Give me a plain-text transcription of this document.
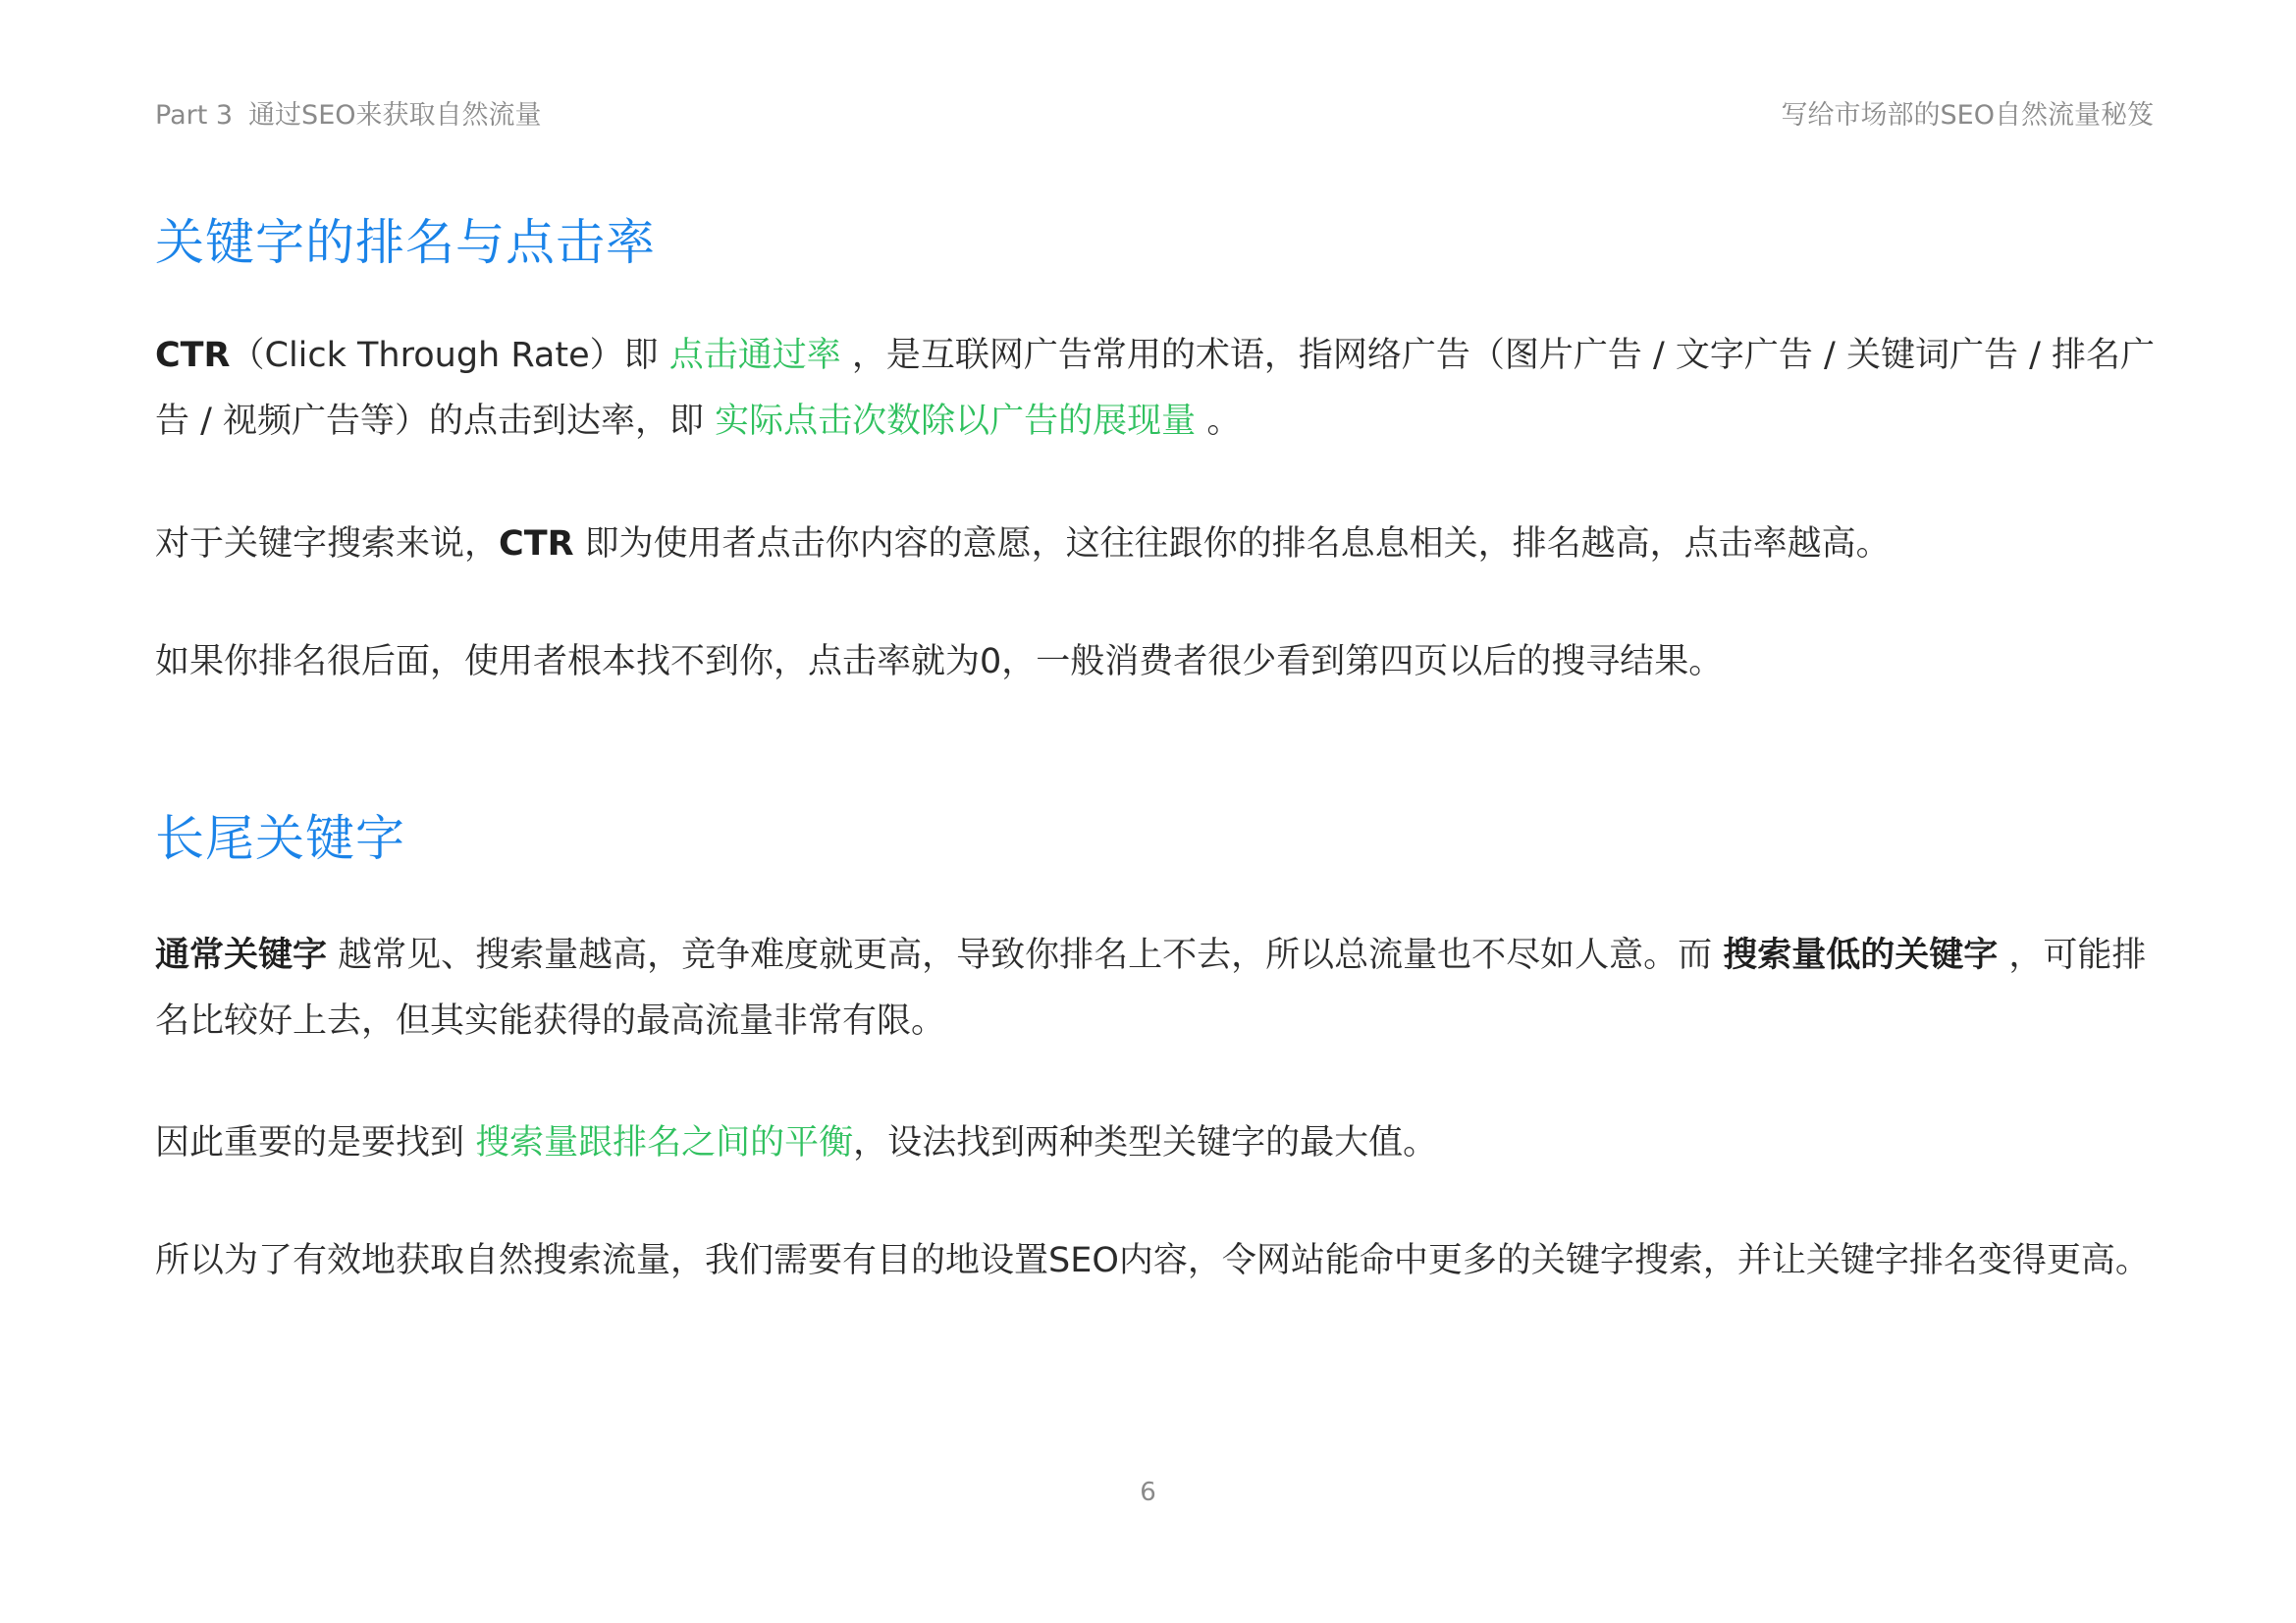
Part 3 通过SEO来获取自然流量	写给市场部的SEO自然流量秘笈
关键字的排名与点击率

CTR（Click Through Rate）即 点击通过率 ，是互联网广告常用的术语，指网络广告（图片广告 / 文字广告 / 关键词广告 / 排名广告 / 视频广告等）的点击到达率，即 实际点击次数除以广告的展现量 。

对于关键字搜索来说，CTR 即为使用者点击你内容的意愿，这往往跟你的排名息息相关，排名越高，点击率越高。

如果你排名很后面，使用者根本找不到你，点击率就为0，一般消费者很少看到第四页以后的搜寻结果。

长尾关键字

通常关键字 越常见、搜索量越高，竞争难度就更高，导致你排名上不去，所以总流量也不尽如人意。而 搜索量低的关键字 ，可能排名比较好上去，但其实能获得的最高流量非常有限。

因此重要的是要找到 搜索量跟排名之间的平衡，设法找到两种类型关键字的最大值。

所以为了有效地获取自然搜索流量，我们需要有目的地设置SEO内容，令网站能命中更多的关键字搜索，并让关键字排名变得更高。

6
